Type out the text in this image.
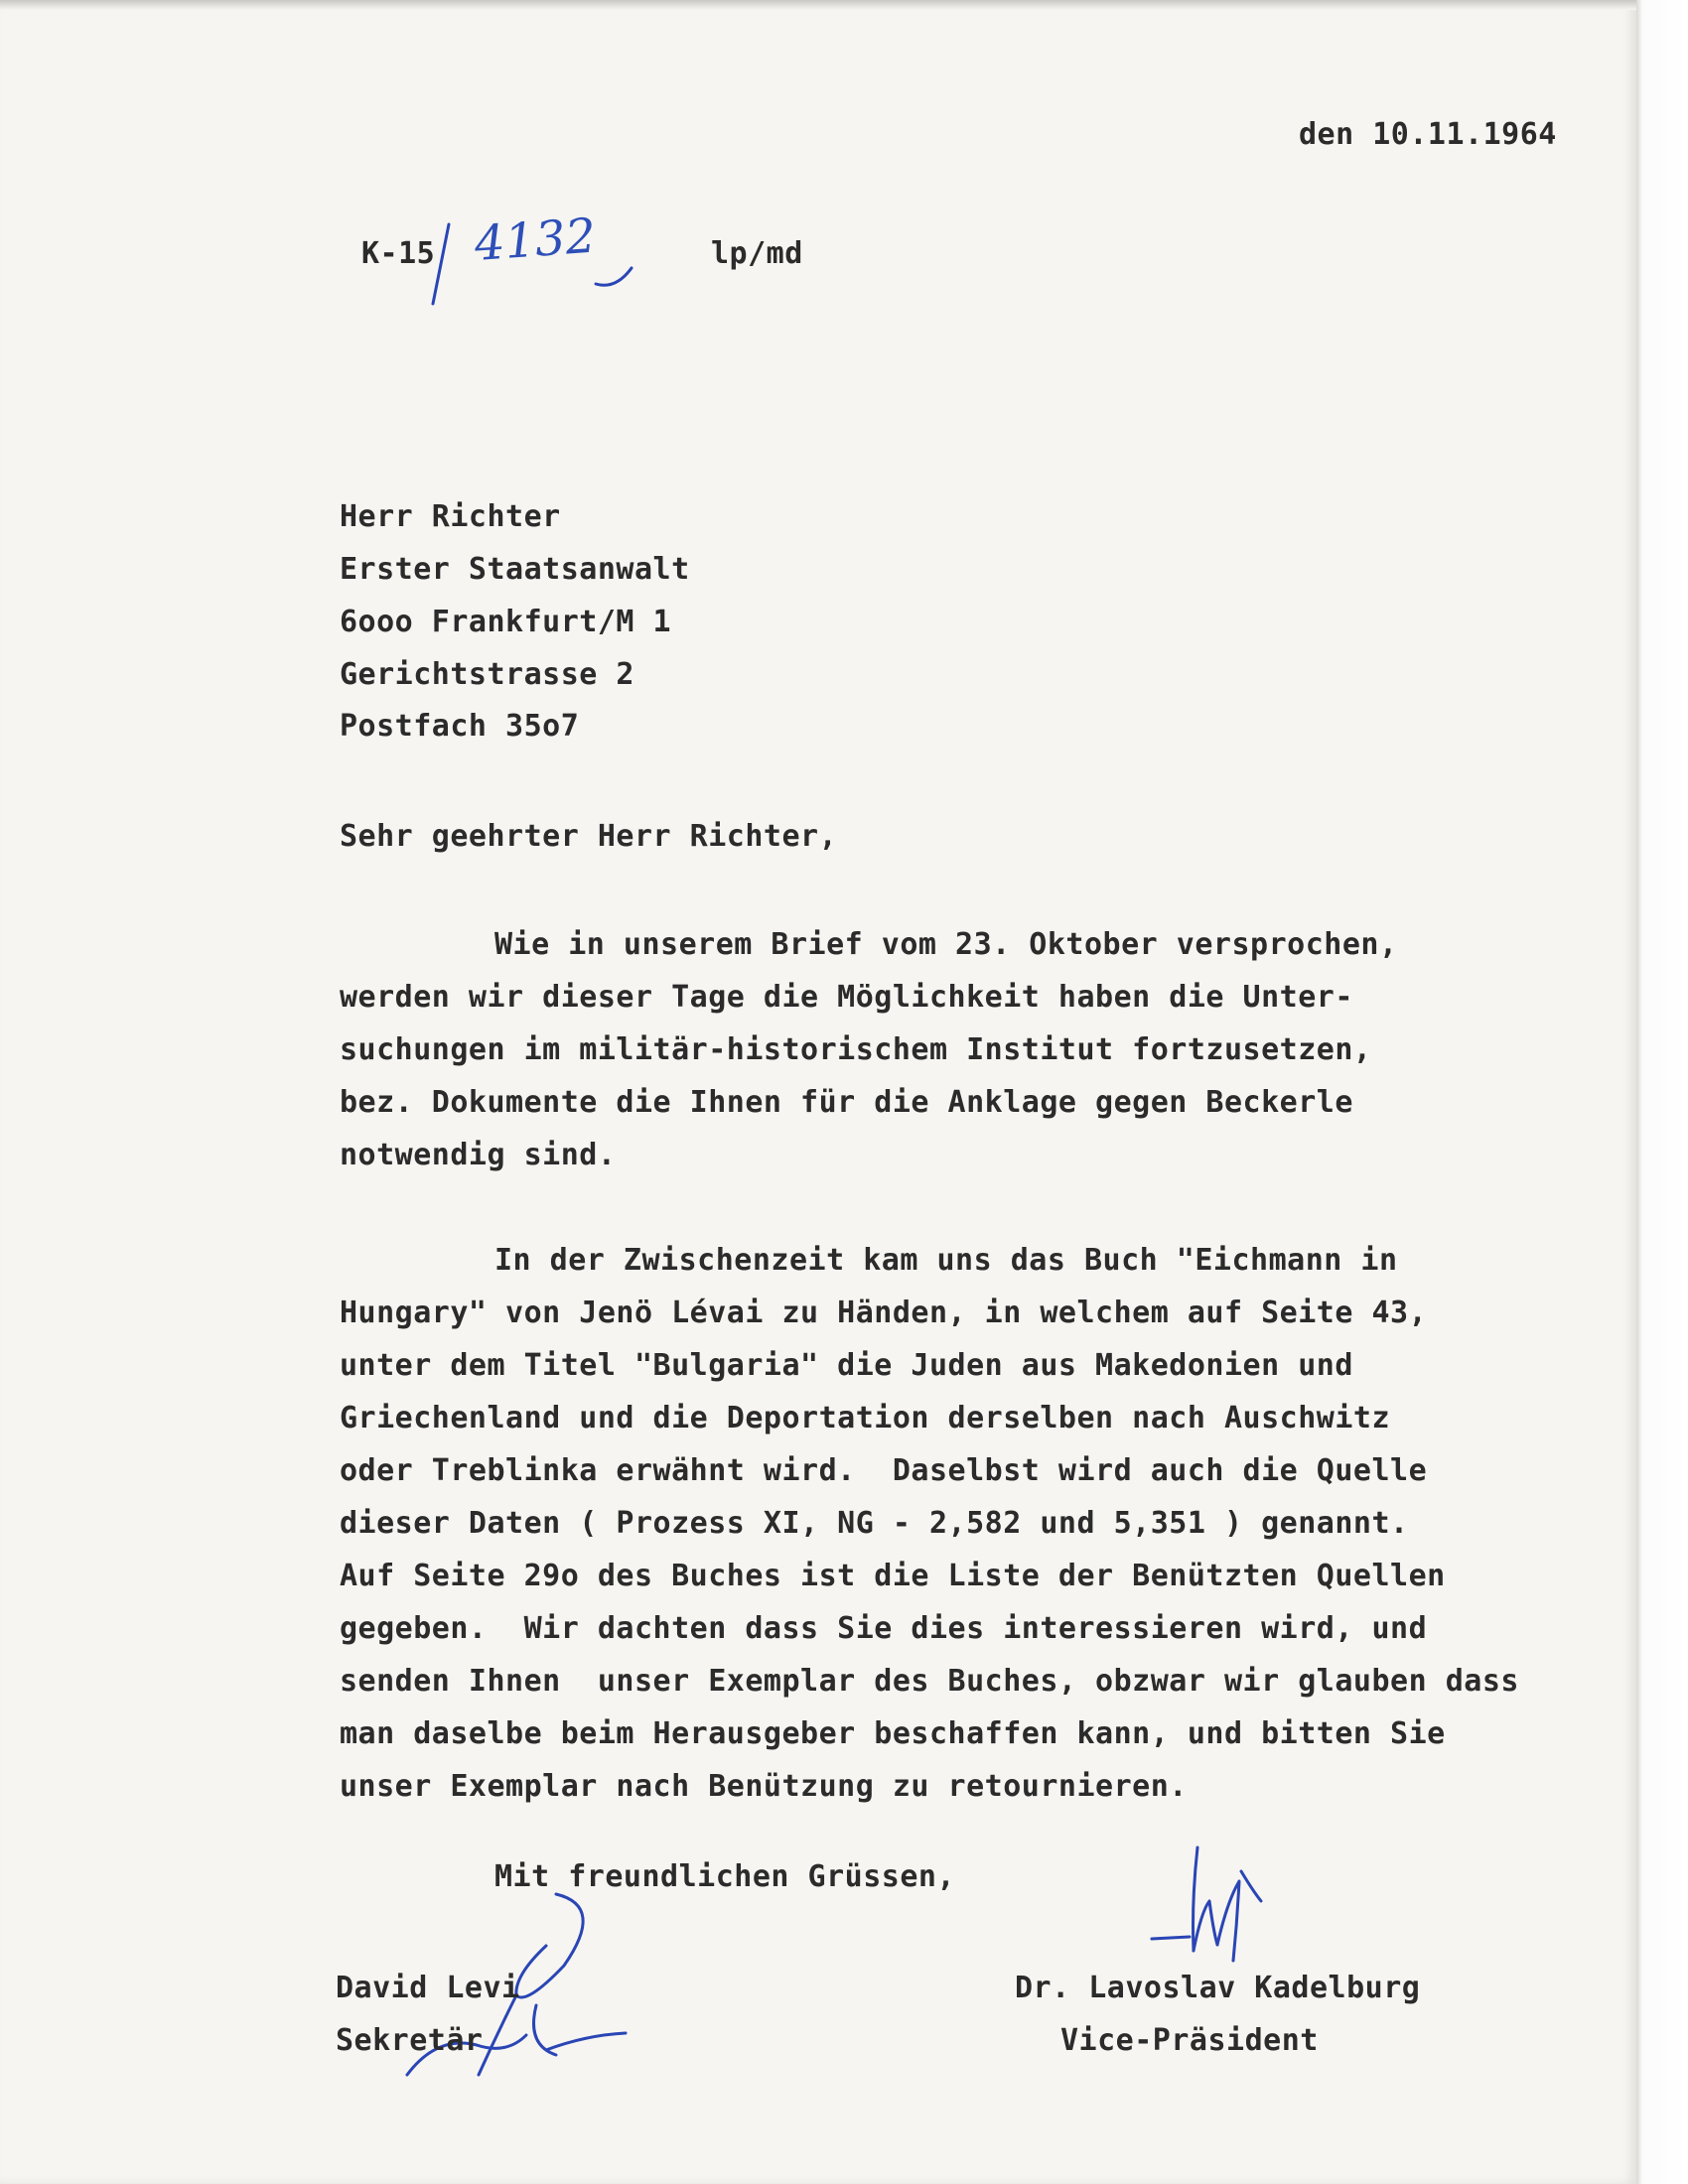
den 10.11.1964

K-15 4132	lp/md

Herr Richter

Erster Staatsanwalt

6ooo Frankfurt/M 1

Gerichtstrasse 2

Postfach 35o7

Sehr geehrter Herr Richter,

Wie in unserem Brief vom 23. Oktober versprochen,

werden wir dieser Tage die Möglichkeit haben die Unter-

suchungen im militär-historischem Institut fortzusetzen,

bez. Dokumente die Ihnen für die Anklage gegen Beckerle

notwendig sind.

In der Zwischenzeit kam uns das Buch "Eichmann in

Hungary" von Jenö Lévai zu Händen, in welchem auf Seite 43,

unter dem Titel "Bulgaria" die Juden aus Makedonien und

Griechenland und die Deportation derselben nach Auschwitz

oder Treblinka erwähnt wird.  Daselbst wird auch die Quelle

dieser Daten ( Prozess XI, NG - 2,582 und 5,351 ) genannt.

Auf Seite 29o des Buches ist die Liste der Benützten Quellen

gegeben.  Wir dachten dass Sie dies interessieren wird, und

senden Ihnen  unser Exemplar des Buches, obzwar wir glauben dass

man daselbe beim Herausgeber beschaffen kann, und bitten Sie

unser Exemplar nach Benützung zu retournieren.

Mit freundlichen Grüssen,

David Levi

Sekretär

Dr. Lavoslav Kadelburg

Vice-Präsident
